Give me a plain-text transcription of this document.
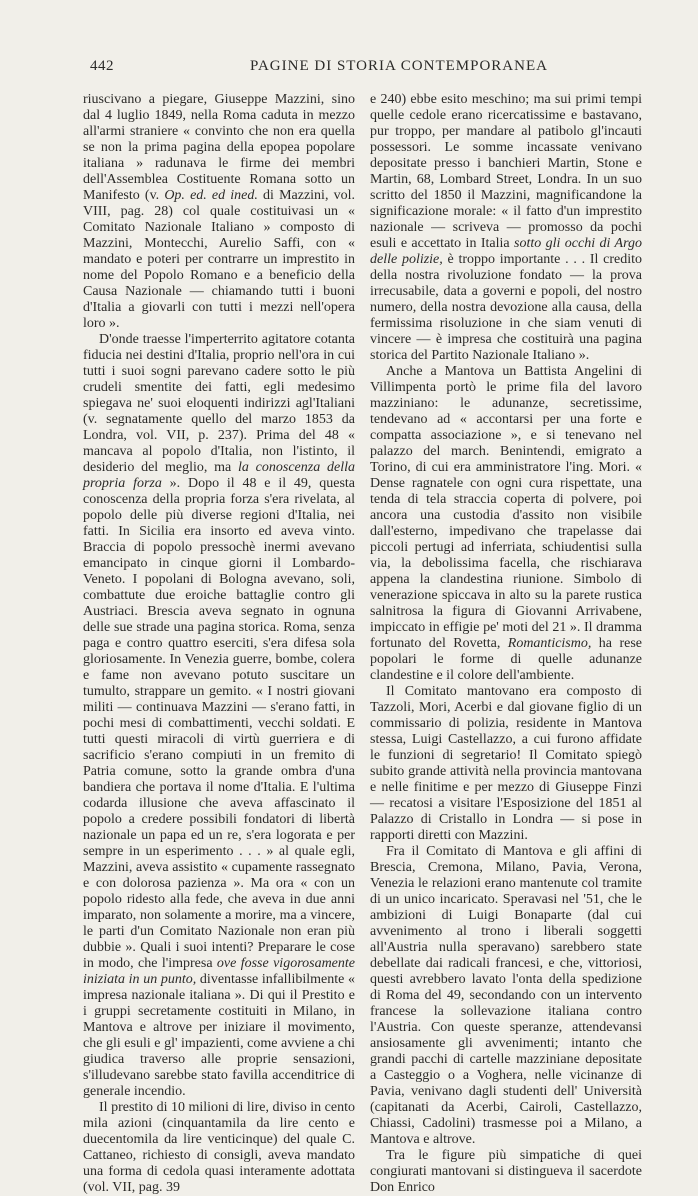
442	PAGINE DI STORIA CONTEMPORANEA

riuscivano a piegare, Giuseppe Mazzini, sino dal 4 luglio 1849, nella Roma caduta in mezzo all'armi straniere « convinto che non era quella se non la prima pagina della epopea popolare italiana » radunava le firme dei membri dell'Assemblea Costituente Romana sotto un Manifesto (v. Op. ed. ed ined. di Mazzini, vol. VIII, pag. 28) col quale costituivasi un « Comitato Nazionale Italiano » composto di Mazzini, Montecchi, Aurelio Saffi, con « mandato e poteri per contrarre un imprestito in nome del Popolo Romano e a beneficio della Causa Nazionale — chiamando tutti i buoni d'Italia a giovarli con tutti i mezzi nell'opera loro ».

D'onde traesse l'imperterrito agitatore cotanta fiducia nei destini d'Italia, proprio nell'ora in cui tutti i suoi sogni parevano cadere sotto le più crudeli smentite dei fatti, egli medesimo spiegava ne' suoi eloquenti indirizzi agl'Italiani (v. segnatamente quello del marzo 1853 da Londra, vol. VII, p. 237). Prima del 48 « mancava al popolo d'Italia, non l'istinto, il desiderio del meglio, ma la conoscenza della propria forza ». Dopo il 48 e il 49, questa conoscenza della propria forza s'era rivelata, al popolo delle più diverse regioni d'Italia, nei fatti. In Sicilia era insorto ed aveva vinto. Braccia di popolo pressochè inermi avevano emancipato in cinque giorni il Lombardo-Veneto. I popolani di Bologna avevano, soli, combattute due eroiche battaglie contro gli Austriaci. Brescia aveva segnato in ognuna delle sue strade una pagina storica. Roma, senza paga e contro quattro eserciti, s'era difesa sola gloriosamente. In Venezia guerre, bombe, colera e fame non avevano potuto suscitare un tumulto, strappare un gemito. « I nostri giovani militi — continuava Mazzini — s'erano fatti, in pochi mesi di combattimenti, vecchi soldati. E tutti questi miracoli di virtù guerriera e di sacrificio s'erano compiuti in un fremito di Patria comune, sotto la grande ombra d'una bandiera che portava il nome d'Italia. E l'ultima codarda illusione che aveva affascinato il popolo a credere possibili fondatori di libertà nazionale un papa ed un re, s'era logorata e per sempre in un esperimento . . . » al quale egli, Mazzini, aveva assistito « cupamente rassegnato e con dolorosa pazienza ». Ma ora « con un popolo ridesto alla fede, che aveva in due anni imparato, non solamente a morire, ma a vincere, le parti d'un Comitato Nazionale non eran più dubbie ». Quali i suoi intenti? Preparare le cose in modo, che l'impresa ove fosse vigorosamente iniziata in un punto, diventasse infallibilmente « impresa nazionale italiana ». Di qui il Prestito e i gruppi secretamente costituiti in Milano, in Mantova e altrove per iniziare il movimento, che gli esuli e gl' impazienti, come avviene a chi giudica traverso alle proprie sensazioni, s'illudevano sarebbe stato favilla accenditrice di generale incendio.

Il prestito di 10 milioni di lire, diviso in cento mila azioni (cinquantamila da lire cento e duecentomila da lire venticinque) del quale C. Cattaneo, richiesto di consigli, aveva mandato una forma di cedola quasi interamente adottata (vol. VII, pag. 39

e 240) ebbe esito meschino; ma sui primi tempi quelle cedole erano ricercatissime e bastavano, pur troppo, per mandare al patibolo gl'incauti possessori. Le somme incassate venivano depositate presso i banchieri Martin, Stone e Martin, 68, Lombard Street, Londra. In un suo scritto del 1850 il Mazzini, magnificandone la significazione morale: « il fatto d'un imprestito nazionale — scriveva — promosso da pochi esuli e accettato in Italia sotto gli occhi di Argo delle polizie, è troppo importante . . . Il credito della nostra rivoluzione fondato — la prova irrecusabile, data a governi e popoli, del nostro numero, della nostra devozione alla causa, della fermissima risoluzione in che siam venuti di vincere — è impresa che costituirà una pagina storica del Partito Nazionale Italiano ».

Anche a Mantova un Battista Angelini di Villimpenta portò le prime fila del lavoro mazziniano: le adunanze, secretissime, tendevano ad « accontarsi per una forte e compatta associazione », e si tenevano nel palazzo del march. Benintendi, emigrato a Torino, di cui era amministratore l'ing. Mori. « Dense ragnatele con ogni cura rispettate, una tenda di tela straccia coperta di polvere, poi ancora una custodia d'assito non visibile dall'esterno, impedivano che trapelasse dai piccoli pertugi ad inferriata, schiudentisi sulla via, la debolissima facella, che rischiarava appena la clandestina riunione. Simbolo di venerazione spiccava in alto su la parete rustica salnitrosa la figura di Giovanni Arrivabene, impiccato in effigie pe' moti del 21 ». Il dramma fortunato del Rovetta, Romanticismo, ha rese popolari le forme di quelle adunanze clandestine e il colore dell'ambiente.

Il Comitato mantovano era composto di Tazzoli, Mori, Acerbi e dal giovane figlio di un commissario di polizia, residente in Mantova stessa, Luigi Castellazzo, a cui furono affidate le funzioni di segretario! Il Comitato spiegò subito grande attività nella provincia mantovana e nelle finitime e per mezzo di Giuseppe Finzi — recatosi a visitare l'Esposizione del 1851 al Palazzo di Cristallo in Londra — si pose in rapporti diretti con Mazzini.

Fra il Comitato di Mantova e gli affini di Brescia, Cremona, Milano, Pavia, Verona, Venezia le relazioni erano mantenute col tramite di un unico incaricato. Speravasi nel '51, che le ambizioni di Luigi Bonaparte (dal cui avvenimento al trono i liberali soggetti all'Austria nulla speravano) sarebbero state debellate dai radicali francesi, e che, vittoriosi, questi avrebbero lavato l'onta della spedizione di Roma del 49, secondando con un intervento francese la sollevazione italiana contro l'Austria. Con queste speranze, attendevansi ansiosamente gli avvenimenti; intanto che grandi pacchi di cartelle mazziniane depositate a Casteggio o a Voghera, nelle vicinanze di Pavia, venivano dagli studenti dell' Università (capitanati da Acerbi, Cairoli, Castellazzo, Chiassi, Cadolini) trasmesse poi a Milano, a Mantova e altrove.

Tra le figure più simpatiche di quei congiurati mantovani si distingueva il sacerdote Don Enrico
